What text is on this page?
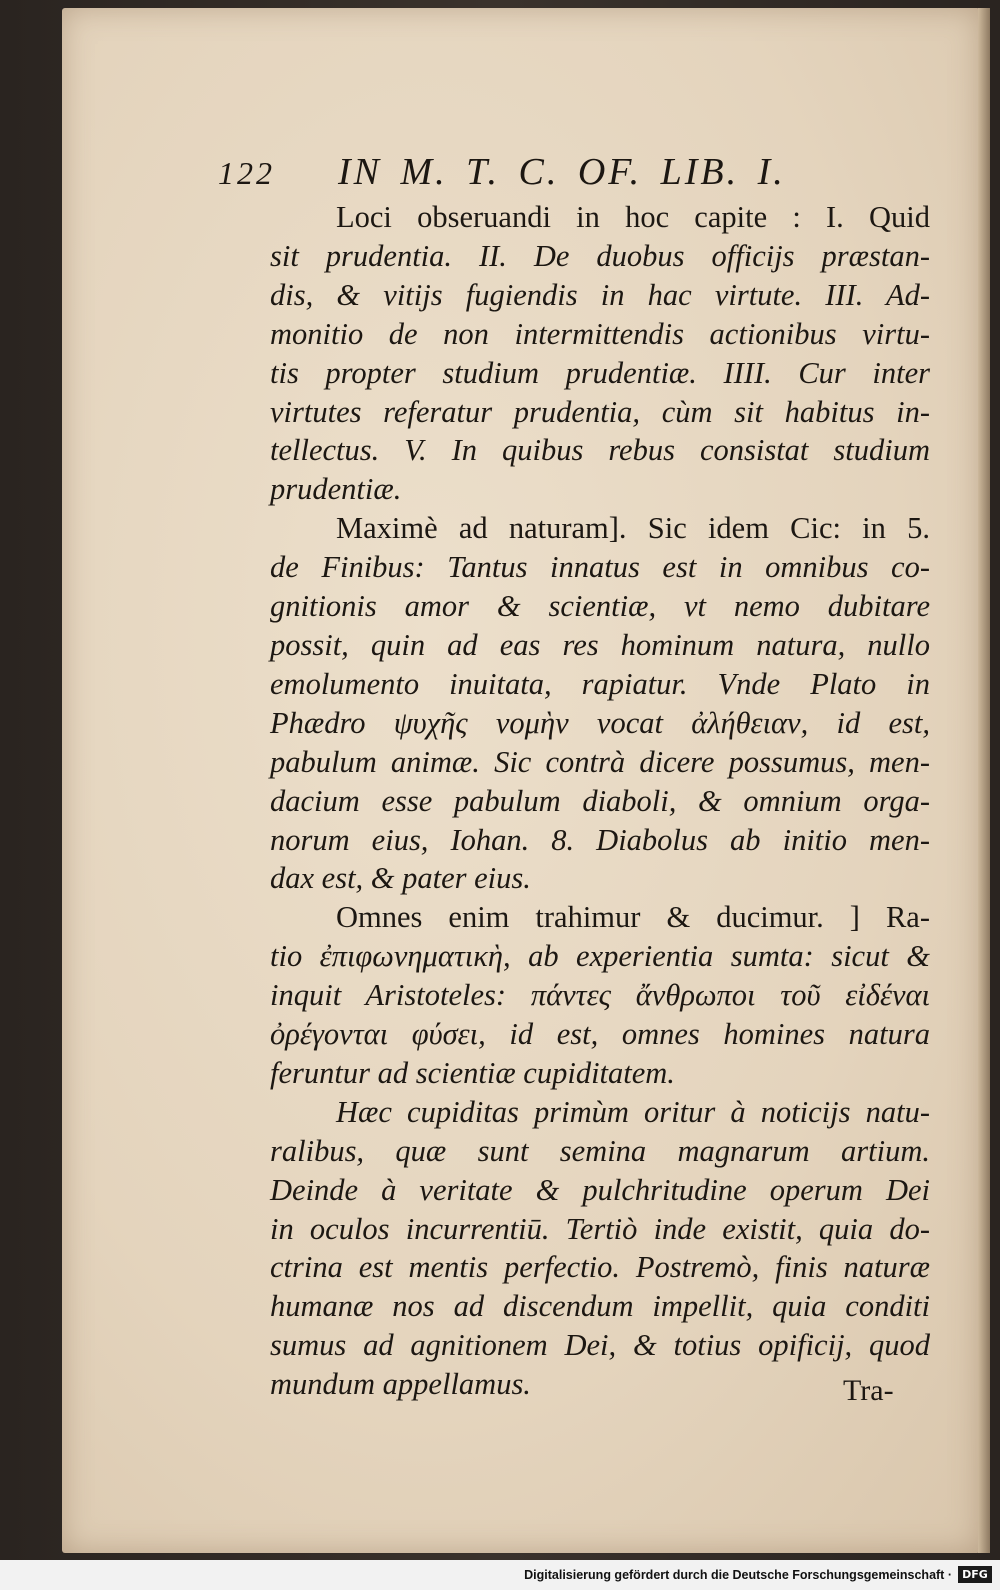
122	IN M. T. C. OF. LIB. I.
Loci obseruandi in hoc capite : I. Quid
sit prudentia. II. De duobus officijs præstan-
dis, & vitijs fugiendis in hac virtute. III. Ad-
monitio de non intermittendis actionibus virtu-
tis propter studium prudentiæ. IIII. Cur inter
virtutes referatur prudentia, cùm sit habitus in-
tellectus. V. In quibus rebus consistat studium
prudentiæ.
Maximè ad naturam]. Sic idem Cic: in 5.
de Finibus: Tantus innatus est in omnibus co-
gnitionis amor & scientiæ, vt nemo dubitare
possit, quin ad eas res hominum natura, nullo
emolumento inuitata, rapiatur. Vnde Plato in
Phædro ψυχῆς νομὴν vocat ἀλήθειαν, id est,
pabulum animæ. Sic contrà dicere possumus, men-
dacium esse pabulum diaboli, & omnium orga-
norum eius, Iohan. 8. Diabolus ab initio men-
dax est, & pater eius.
Omnes enim trahimur & ducimur. ] Ra-
tio ἐπιφωνηματικὴ, ab experientia sumta: sicut &
inquit Aristoteles: πάντες ἄνθρωποι τοῦ εἰδέναι
ὀρέγονται φύσει, id est, omnes homines natura
feruntur ad scientiæ cupiditatem.
Hæc cupiditas primùm oritur à noticijs natu-
ralibus, quæ sunt semina magnarum artium.
Deinde à veritate & pulchritudine operum Dei
in oculos incurrentiū. Tertiò inde existit, quia do-
ctrina est mentis perfectio. Postremò, finis naturæ
humanæ nos ad discendum impellit, quia conditi
sumus ad agnitionem Dei, & totius opificij, quod
mundum appellamus.	Tra-
Digitalisierung gefördert durch die Deutsche Forschungsgemeinschaft · DFG
